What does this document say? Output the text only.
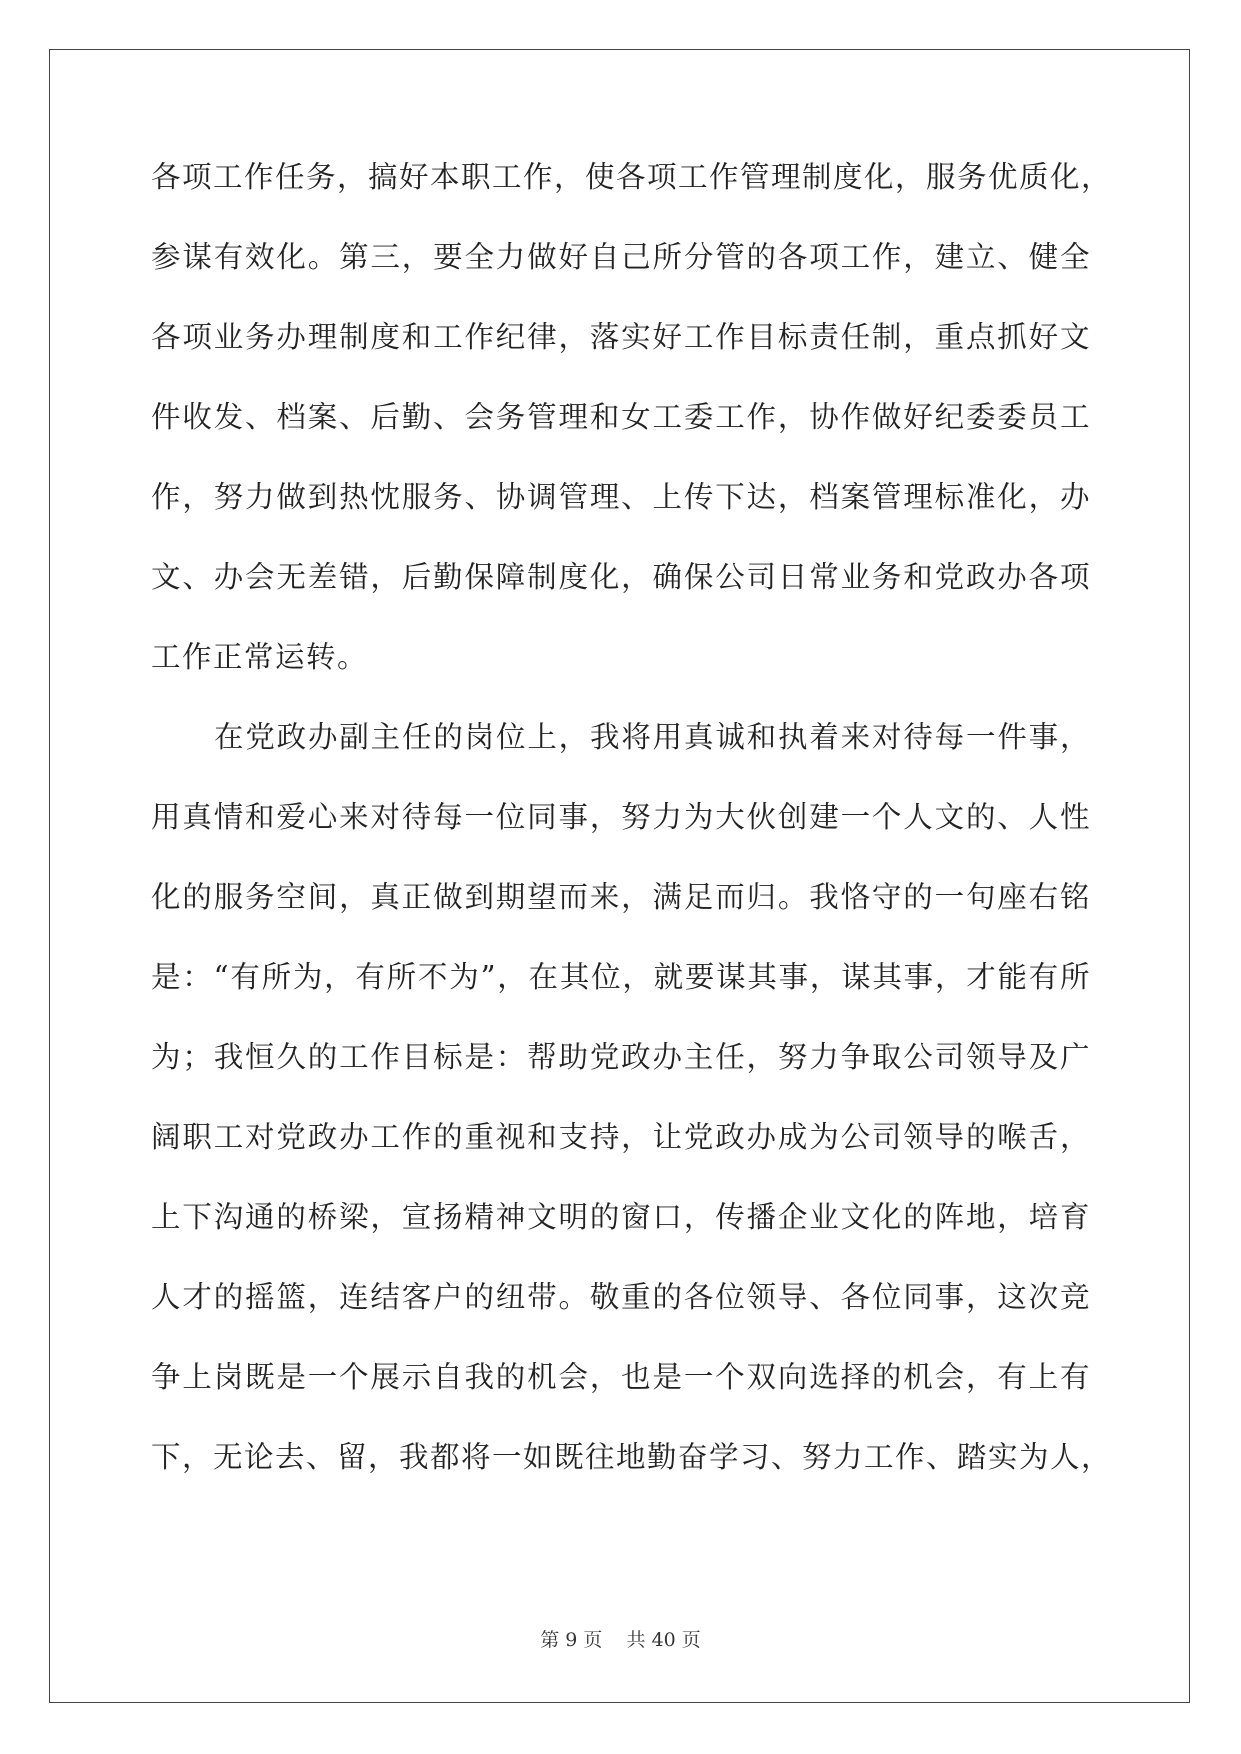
各项工作任务，搞好本职工作，使各项工作管理制度化，服务优质化，
参谋有效化。第三，要全力做好自己所分管的各项工作，建立、健全
各项业务办理制度和工作纪律，落实好工作目标责任制，重点抓好文
件收发、档案、后勤、会务管理和女工委工作，协作做好纪委委员工
作，努力做到热忱服务、协调管理、上传下达，档案管理标准化，办
文、办会无差错，后勤保障制度化，确保公司日常业务和党政办各项
工作正常运转。
在党政办副主任的岗位上，我将用真诚和执着来对待每一件事，
用真情和爱心来对待每一位同事，努力为大伙创建一个人文的、人性
化的服务空间，真正做到期望而来，满足而归。我恪守的一句座右铭
是：“有所为，有所不为”，在其位，就要谋其事，谋其事，才能有所
为；我恒久的工作目标是：帮助党政办主任，努力争取公司领导及广
阔职工对党政办工作的重视和支持，让党政办成为公司领导的喉舌，
上下沟通的桥梁，宣扬精神文明的窗口，传播企业文化的阵地，培育
人才的摇篮，连结客户的纽带。敬重的各位领导、各位同事，这次竞
争上岗既是一个展示自我的机会，也是一个双向选择的机会，有上有
下，无论去、留，我都将一如既往地勤奋学习、努力工作、踏实为人，
第 9 页    共 40 页
